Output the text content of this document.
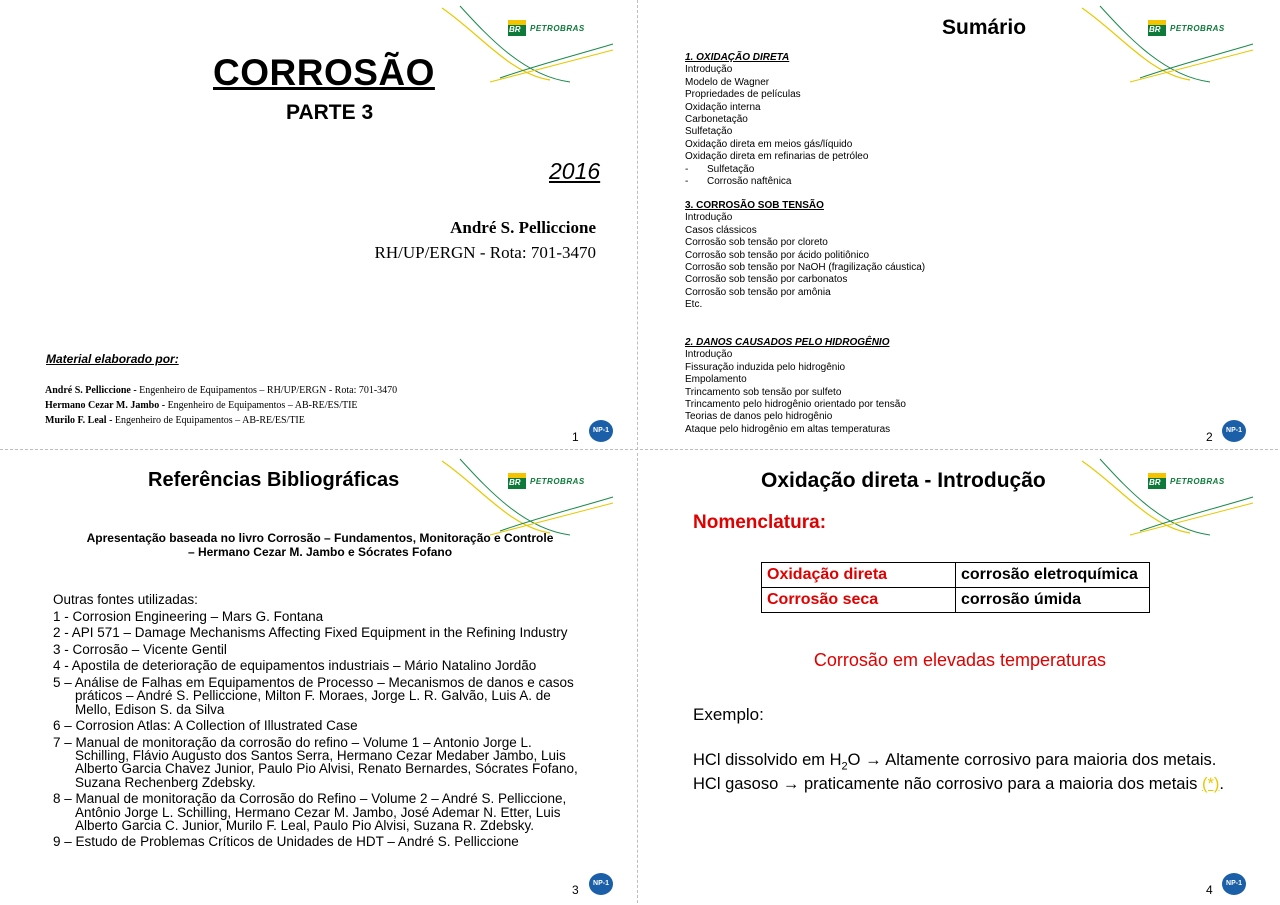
BR PETROBRAS
CORROSÃO
PARTE 3
2016
André S. Pelliccione
RH/UP/ERGN - Rota: 701-3470
Material elaborado por:
André S. Pelliccione - Engenheiro de Equipamentos – RH/UP/ERGN - Rota: 701-3470
Hermano Cezar M. Jambo - Engenheiro de Equipamentos – AB-RE/ES/TIE
Murilo F. Leal - Engenheiro de Equipamentos – AB-RE/ES/TIE
1	NP-1
BR PETROBRAS
Sumário
1. OXIDAÇÃO DIRETA
Introdução
Modelo de Wagner
Propriedades de películas
Oxidação interna
Carbonetação
Sulfetação
Oxidação direta em meios gás/líquido
Oxidação direta em refinarias de petróleo
- Sulfetação
- Corrosão naftênica
3. CORROSÃO SOB TENSÃO
Introdução
Casos clássicos
Corrosão sob tensão por cloreto
Corrosão sob tensão por ácido politiônico
Corrosão sob tensão por NaOH (fragilização cáustica)
Corrosão sob tensão por carbonatos
Corrosão sob tensão por amônia
Etc.
2. DANOS CAUSADOS PELO HIDROGÊNIO
Introdução
Fissuração induzida pelo hidrogênio
Empolamento
Trincamento sob tensão por sulfeto
Trincamento pelo hidrogênio orientado por tensão
Teorias de danos pelo hidrogênio
Ataque pelo hidrogênio em altas temperaturas
2	NP-1
BR PETROBRAS
Referências Bibliográficas
Apresentação baseada no livro Corrosão – Fundamentos, Monitoração e Controle
– Hermano Cezar M. Jambo e Sócrates Fofano
Outras fontes utilizadas:
1 - Corrosion Engineering – Mars G. Fontana
2 - API 571 – Damage Mechanisms Affecting Fixed Equipment in the Refining Industry
3 - Corrosão – Vicente Gentil
4 - Apostila de deterioração de equipamentos industriais – Mário Natalino Jordão
5 – Análise de Falhas em Equipamentos de Processo – Mecanismos de danos e casos
práticos – André S. Pelliccione, Milton F. Moraes, Jorge L. R. Galvão, Luis A. de
Mello, Edison S. da Silva
6 – Corrosion Atlas: A Collection of Illustrated Case
7 – Manual de monitoração da corrosão do refino – Volume 1 – Antonio Jorge L.
Schilling, Flávio Augusto dos Santos Serra, Hermano Cezar Medaber Jambo, Luis
Alberto Garcia Chavez Junior, Paulo Pio Alvisi, Renato Bernardes, Sócrates Fofano,
Suzana Rechenberg Zdebsky.
8 – Manual de monitoração da Corrosão do Refino – Volume 2 – André S. Pelliccione,
Antônio Jorge L. Schilling, Hermano Cezar M. Jambo, José Ademar N. Etter, Luis
Alberto Garcia C. Junior, Murilo F. Leal, Paulo Pio Alvisi, Suzana R. Zdebsky.
9 – Estudo de Problemas Críticos de Unidades de HDT – André S. Pelliccione
3	NP-1
BR PETROBRAS
Oxidação direta - Introdução
Nomenclatura:
Oxidação direta	corrosão eletroquímica
Corrosão seca	corrosão úmida
Corrosão em elevadas temperaturas
Exemplo:
HCl dissolvido em $H_2O$ → Altamente corrosivo para maioria dos metais.
HCl gasoso → praticamente não corrosivo para a maioria dos metais (*).
4	NP-1
